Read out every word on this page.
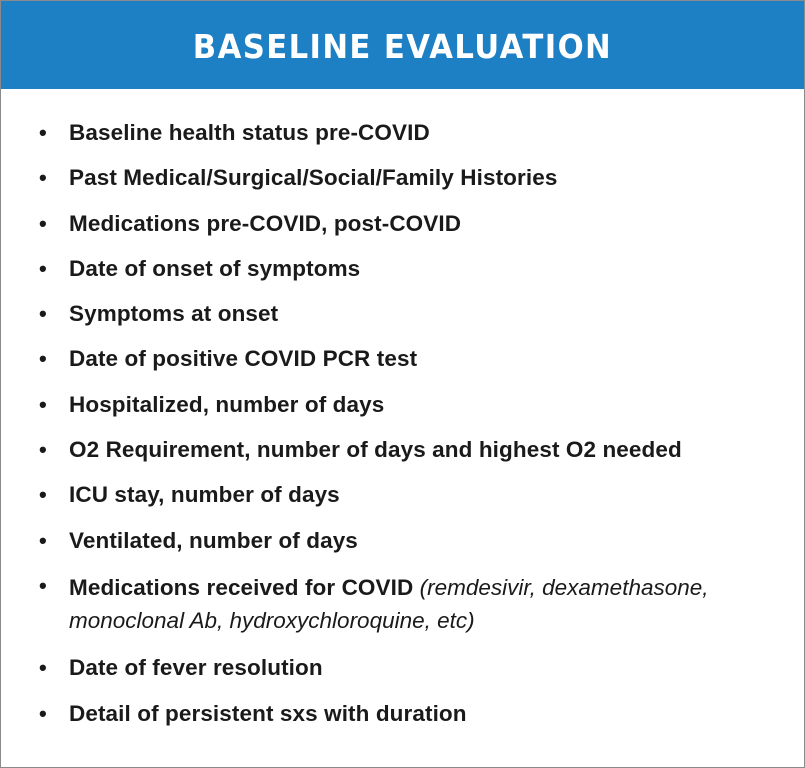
BASELINE EVALUATION
• Baseline health status pre-COVID
• Past Medical/Surgical/Social/Family Histories
• Medications pre-COVID, post-COVID
• Date of onset of symptoms
• Symptoms at onset
• Date of positive COVID PCR test
• Hospitalized, number of days
• O2 Requirement, number of days and highest O2 needed
• ICU stay, number of days
• Ventilated, number of days
• Medications received for COVID (remdesivir, dexamethasone, monoclonal Ab, hydroxychloroquine, etc)
• Date of fever resolution
• Detail of persistent sxs with duration
